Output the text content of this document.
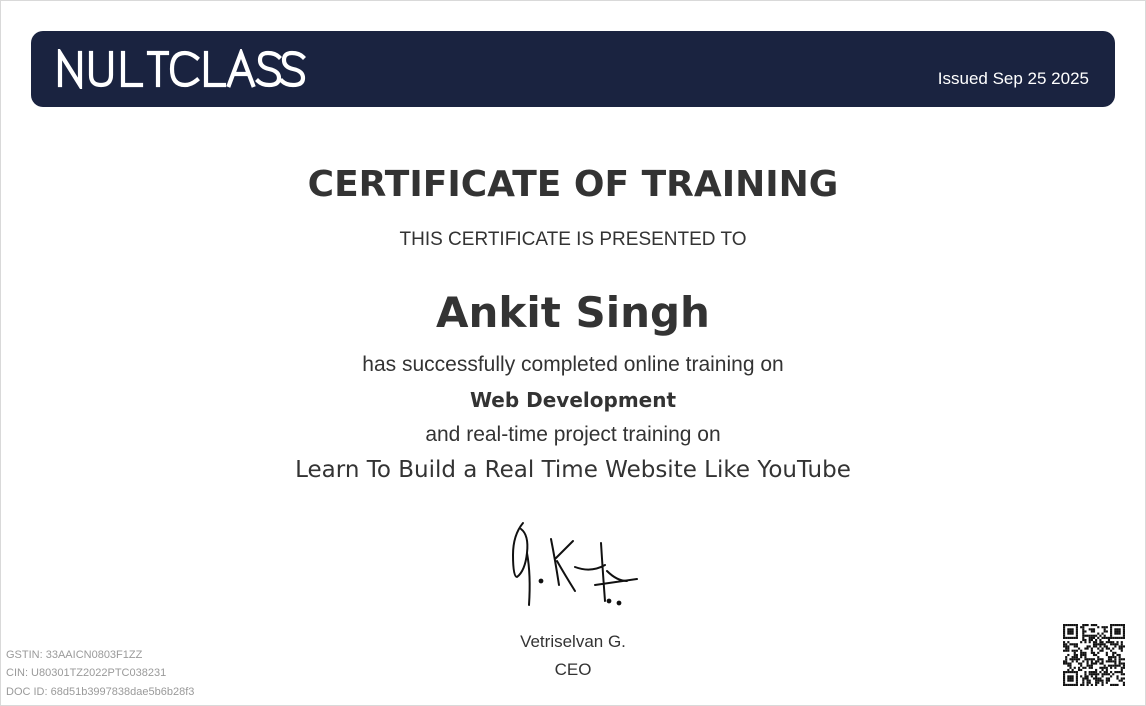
Issued Sep 25 2025
CERTIFICATE OF TRAINING
THIS CERTIFICATE IS PRESENTED TO
Ankit Singh
has successfully completed online training on
Web Development
and real-time project training on
Learn To Build a Real Time Website Like YouTube
Vetriselvan G.
CEO
GSTIN: 33AAICN0803F1ZZ
CIN: U80301TZ2022PTC038231
DOC ID: 68d51b3997838dae5b6b28f3
